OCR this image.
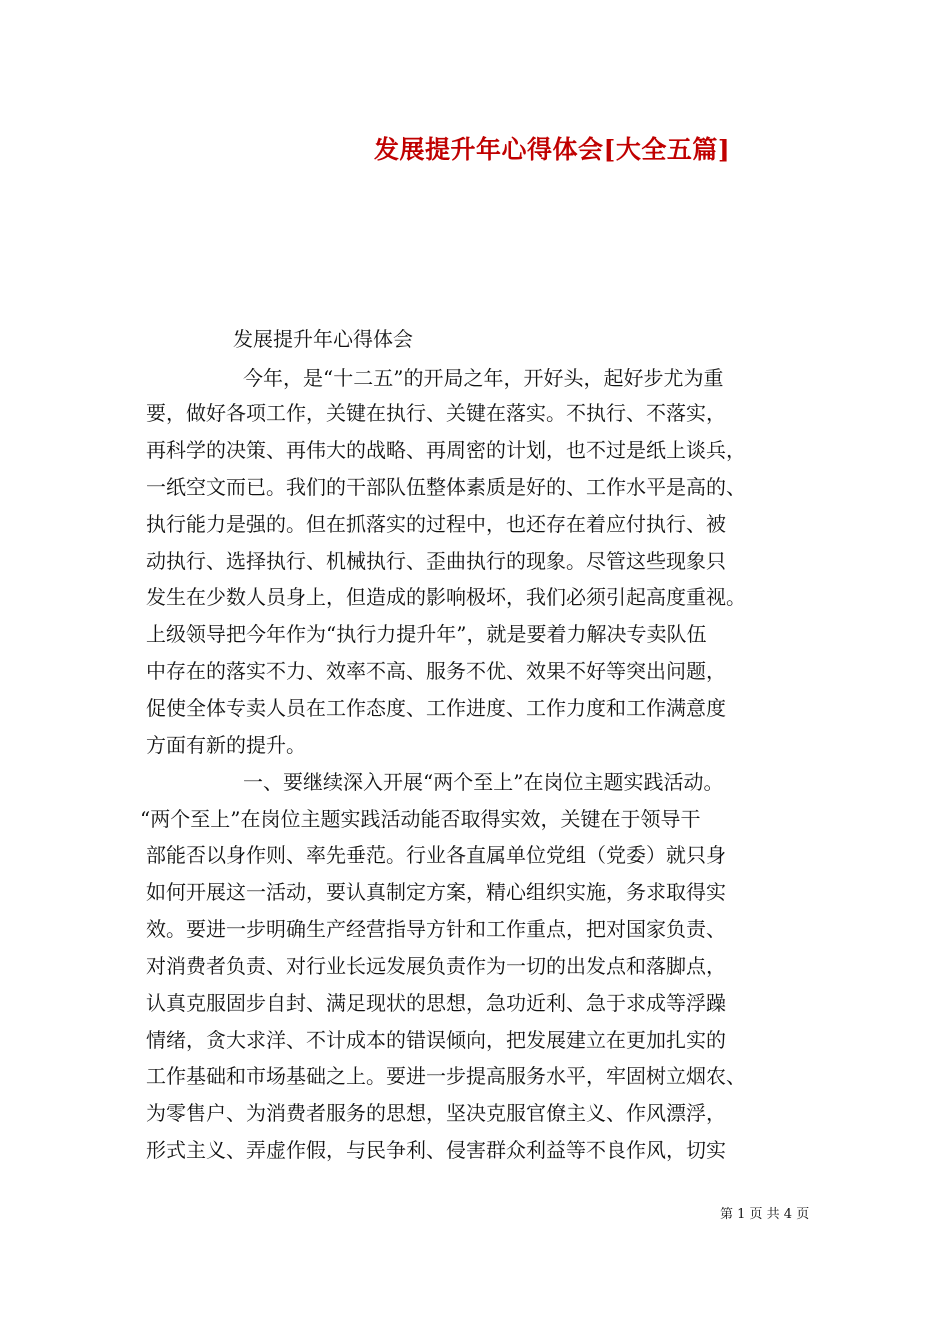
发展提升年心得体会[大全五篇]
发展提升年心得体会
今年，是“十二五”的开局之年，开好头，起好步尤为重
要，做好各项工作，关键在执行、关键在落实。不执行、不落实，
再科学的决策、再伟大的战略、再周密的计划，也不过是纸上谈兵，
一纸空文而已。我们的干部队伍整体素质是好的、工作水平是高的、
执行能力是强的。但在抓落实的过程中，也还存在着应付执行、被
动执行、选择执行、机械执行、歪曲执行的现象。尽管这些现象只
发生在少数人员身上，但造成的影响极坏，我们必须引起高度重视。
上级领导把今年作为“执行力提升年”，就是要着力解决专卖队伍
中存在的落实不力、效率不高、服务不优、效果不好等突出问题，
促使全体专卖人员在工作态度、工作进度、工作力度和工作满意度
方面有新的提升。
一、要继续深入开展“两个至上”在岗位主题实践活动。
“两个至上”在岗位主题实践活动能否取得实效，关键在于领导干
部能否以身作则、率先垂范。行业各直属单位党组（党委）就只身
如何开展这一活动，要认真制定方案，精心组织实施，务求取得实
效。要进一步明确生产经营指导方针和工作重点，把对国家负责、
对消费者负责、对行业长远发展负责作为一切的出发点和落脚点，
认真克服固步自封、满足现状的思想，急功近利、急于求成等浮躁
情绪，贪大求洋、不计成本的错误倾向，把发展建立在更加扎实的
工作基础和市场基础之上。要进一步提高服务水平，牢固树立烟农、
为零售户、为消费者服务的思想，坚决克服官僚主义、作风漂浮，
形式主义、弄虚作假，与民争利、侵害群众利益等不良作风，切实
第 1 页 共 4 页
